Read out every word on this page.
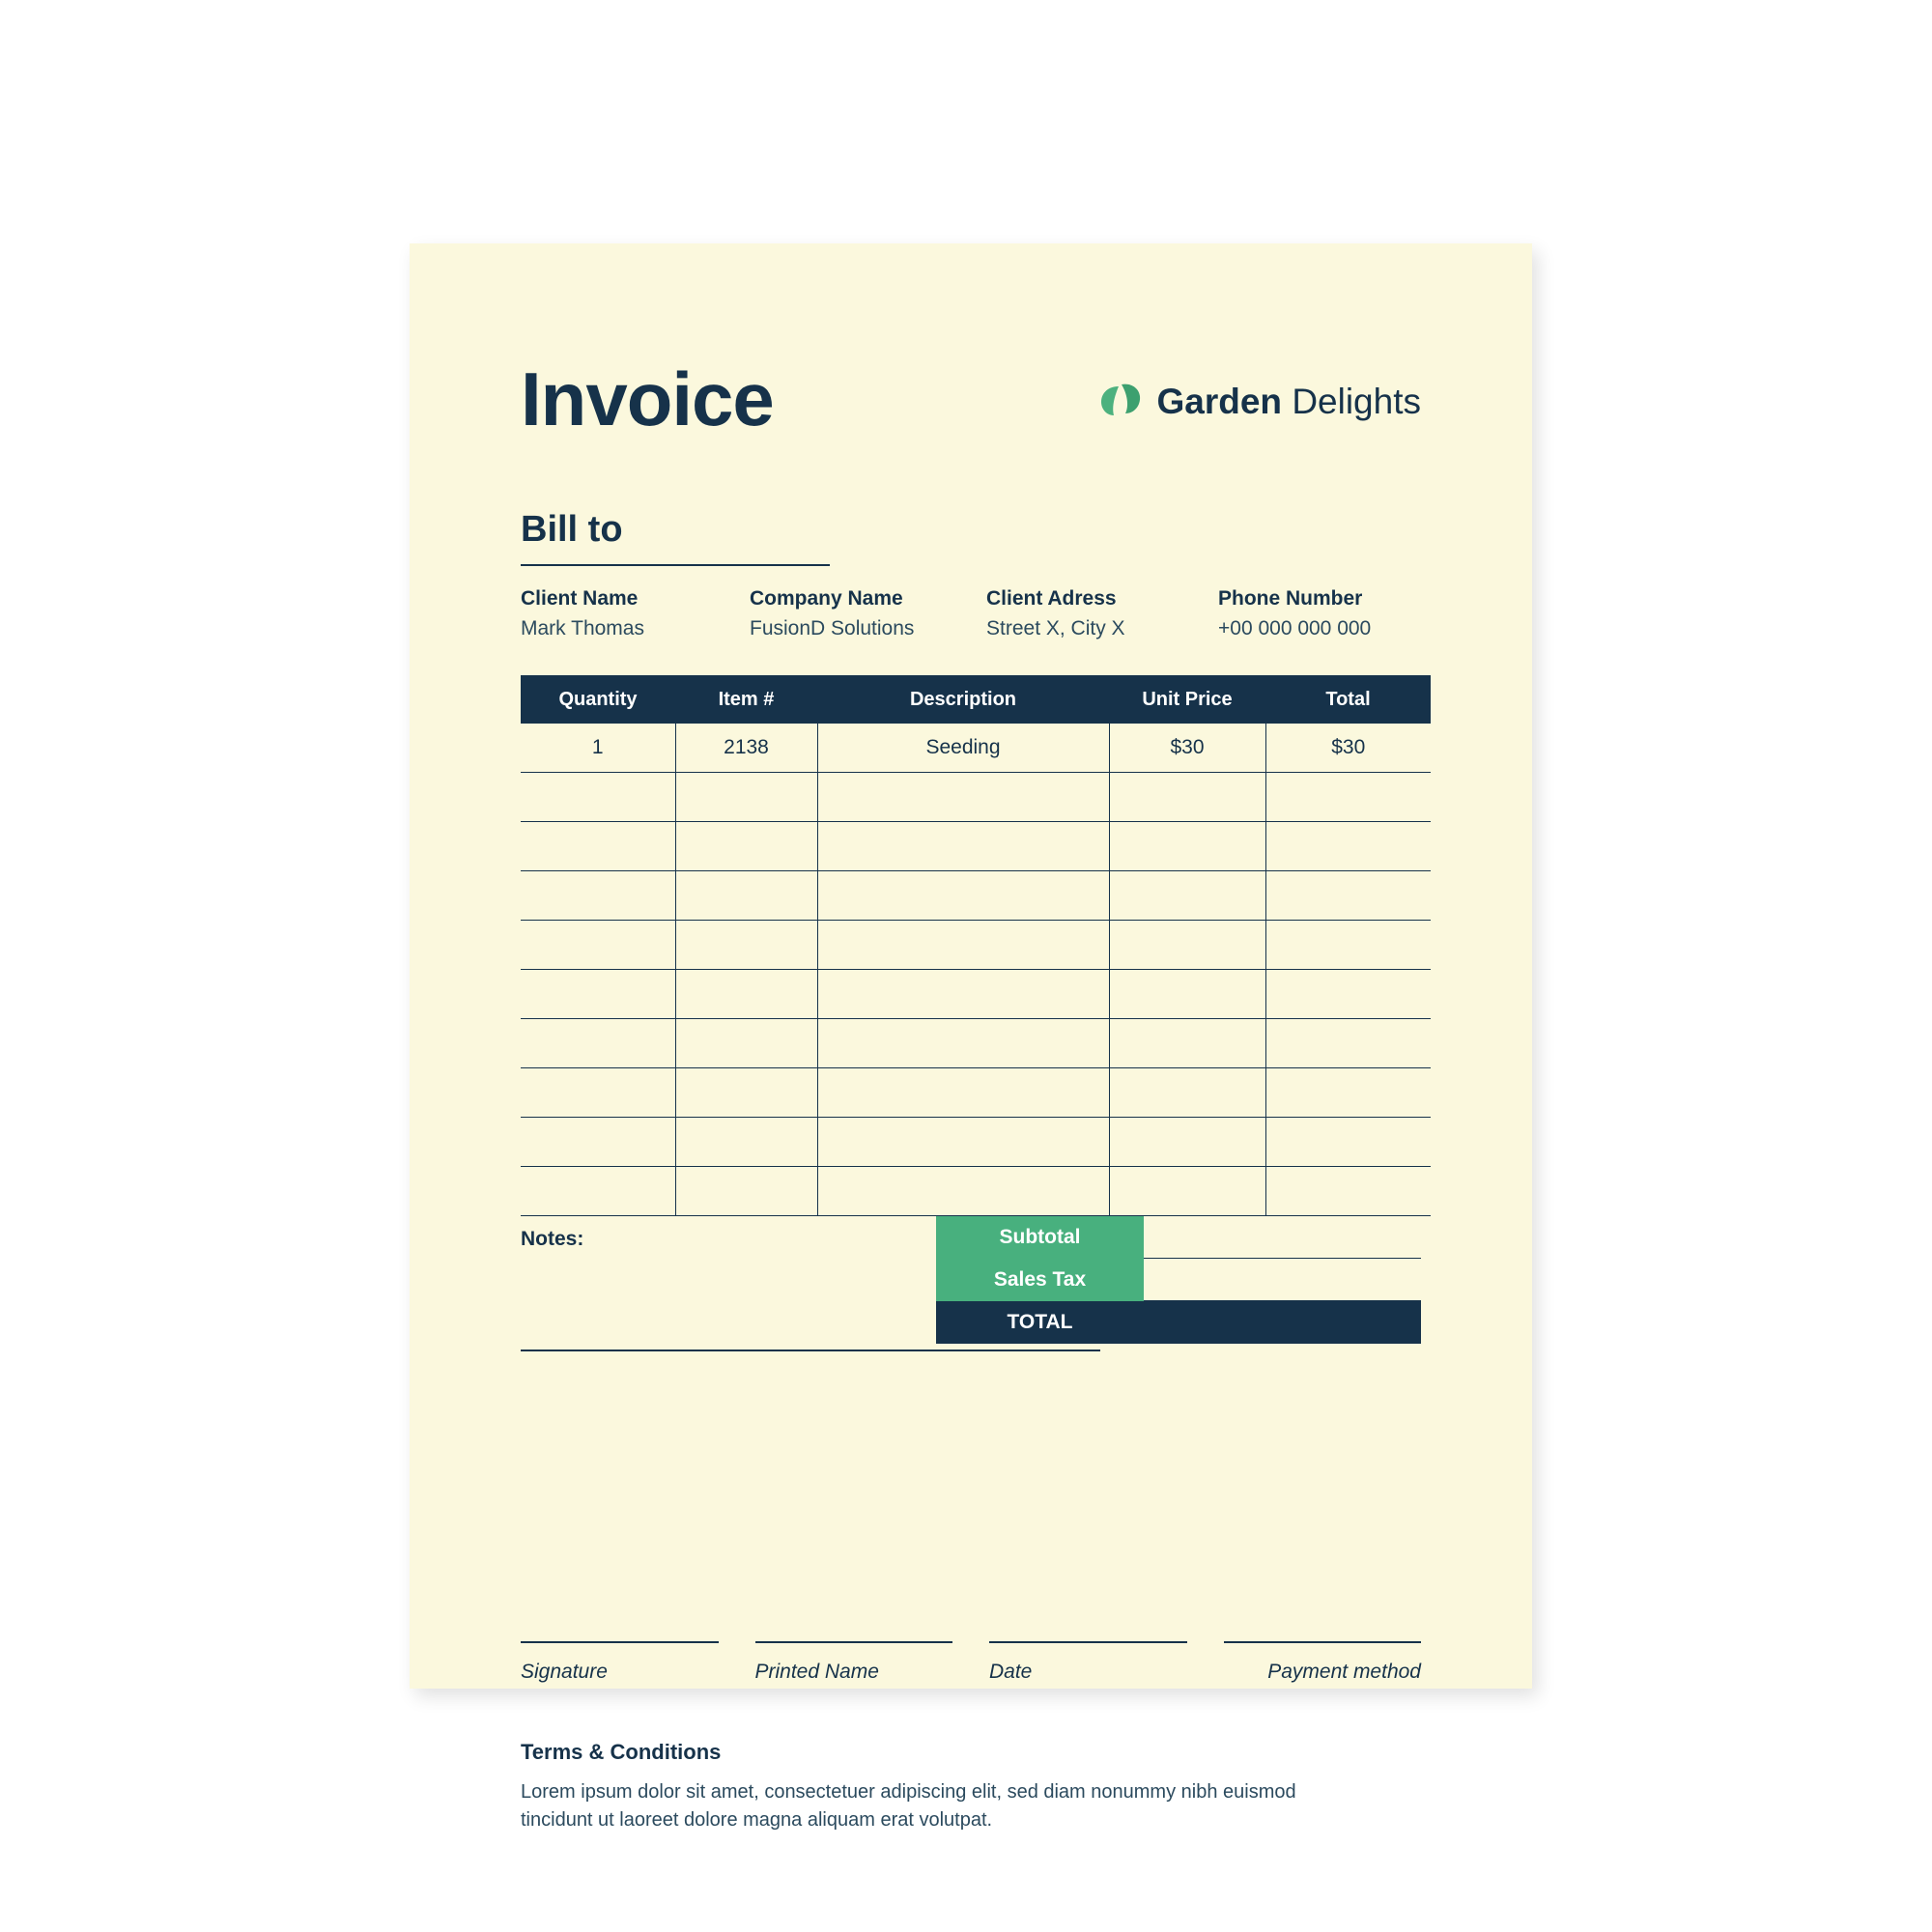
Invoice	Garden Delights
Bill to
Client Name
Mark Thomas
Company Name
FusionD Solutions
Client Adress
Street X, City X
Phone Number
+00 000 000 000
Quantity	Item #	Description	Unit Price	Total
1	2138	Seeding	$30	$30

Notes:	Subtotal
Sales Tax
TOTAL
Signature	Printed Name	Date	Payment method
Terms & Conditions
Lorem ipsum dolor sit amet, consectetuer adipiscing elit, sed diam nonummy nibh euismod tincidunt ut laoreet dolore magna aliquam erat volutpat.
